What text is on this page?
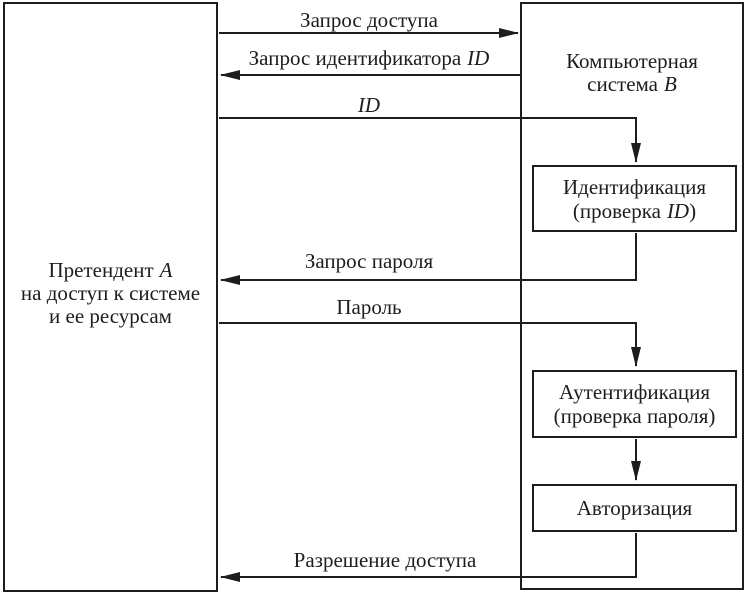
Идентификация
(проверка ID)
Аутентификация
(проверка пароля)
Авторизация
Претендент A
на доступ к системе
и ее ресурсам
Компьютерная
система B
Запрос доступа
Запрос идентификатора ID
ID
Запрос пароля
Пароль
Разрешение доступа
